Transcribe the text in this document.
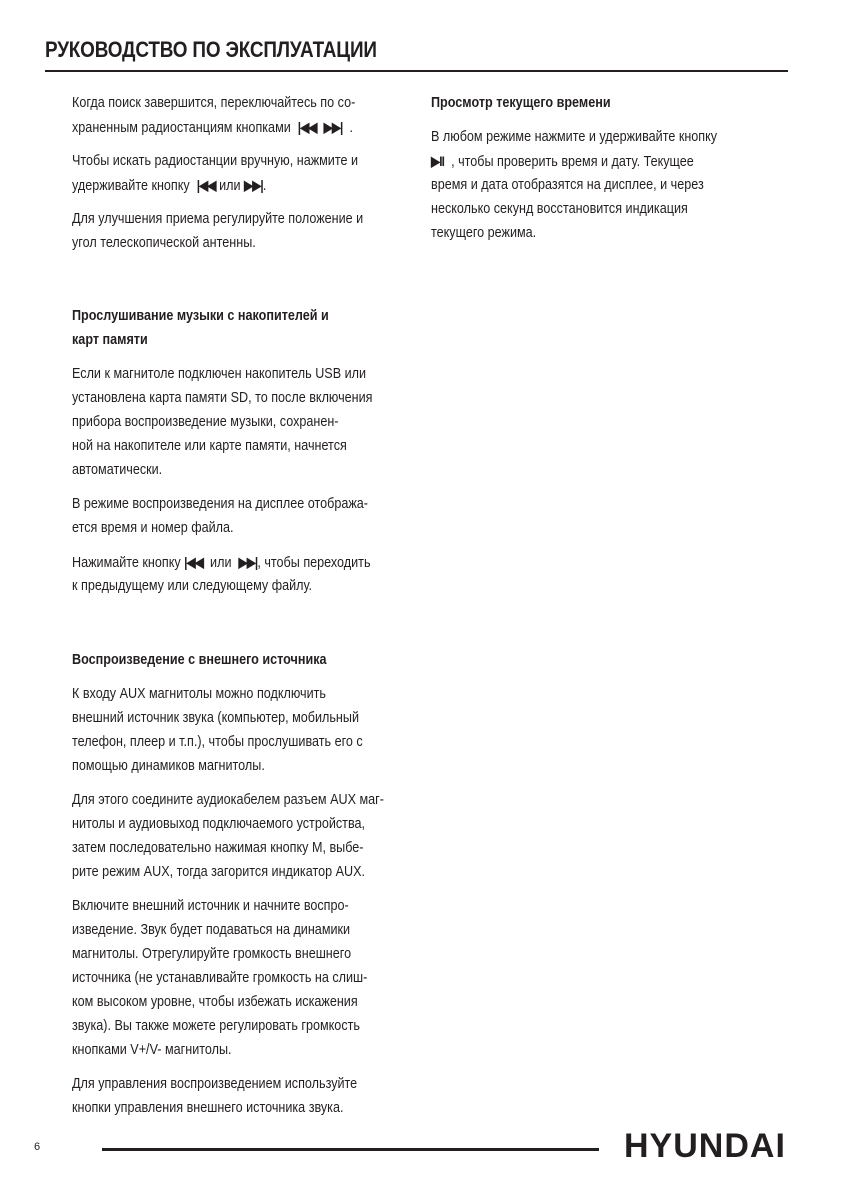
РУКОВОДСТВО ПО ЭКСПЛУАТАЦИИ

Когда поиск завершится, переключайтесь по со-
храненным радиостанциям кнопками |◀◀ ▶▶| .

Чтобы искать радиостанции вручную, нажмите и
удерживайте кнопку |◀◀ или ▶▶|.

Для улучшения приема регулируйте положение и
угол телескопической антенны.

Прослушивание музыки с накопителей и
карт памяти

Если к магнитоле подключен накопитель USB или
установлена карта памяти SD, то после включения
прибора воспроизведение музыки, сохранен-
ной на накопителе или карте памяти, начнется
автоматически.

В режиме воспроизведения на дисплее отобража-
ется время и номер файла.

Нажимайте кнопку |◀◀ или ▶▶|, чтобы переходить
к предыдущему или следующему файлу.

Воспроизведение с внешнего источника

К входу AUX магнитолы можно подключить
внешний источник звука (компьютер, мобильный
телефон, плеер и т.п.), чтобы прослушивать его с
помощью динамиков магнитолы.

Для этого соедините аудиокабелем разъем AUX маг-
нитолы и аудиовыход подключаемого устройства,
затем последовательно нажимая кнопку M, выбе-
рите режим AUX, тогда загорится индикатор AUX.

Включите внешний источник и начните воспро-
изведение. Звук будет подаваться на динамики
магнитолы. Отрегулируйте громкость внешнего
источника (не устанавливайте громкость на слиш-
ком высоком уровне, чтобы избежать искажения
звука). Вы также можете регулировать громкость
кнопками V+/V- магнитолы.

Для управления воспроизведением используйте
кнопки управления внешнего источника звука.

Просмотр текущего времени

В любом режиме нажмите и удерживайте кнопку
▶II , чтобы проверить время и дату. Текущее
время и дата отобразятся на дисплее, и через
несколько секунд восстановится индикация
текущего режима.

6	HYUNDAI
